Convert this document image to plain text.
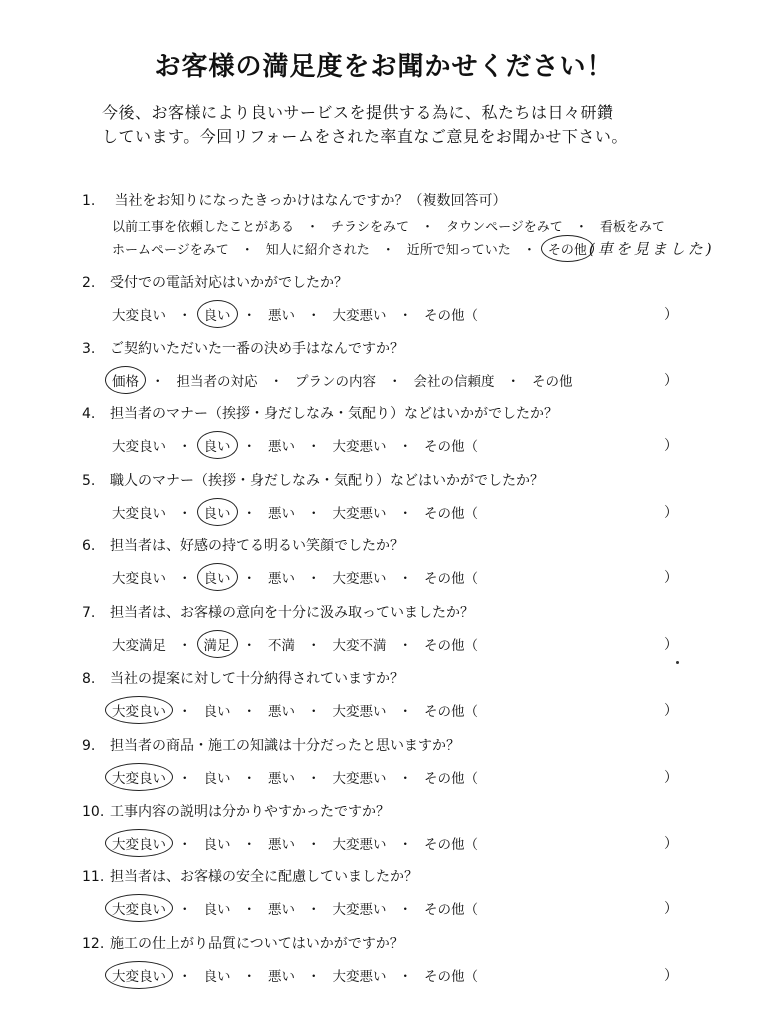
お客様の満足度をお聞かせください！
今後、お客様により良いサービスを提供する為に、私たちは日々研鑽
しています。今回リフォームをされた率直なご意見をお聞かせ下さい。
1. 当社をお知りになったきっかけはなんですか？（複数回答可）
以前工事を依頼したことがある ・ チラシをみて ・ タウンページをみて ・ 看板をみて
ホームページをみて ・ 知人に紹介された ・ 近所で知っていた ・ その他 (車を見ました)
2. 受付での電話対応はいかがでしたか？
大変良い ・ 良い ・ 悪い ・ 大変悪い ・ その他（	）
3. ご契約いただいた一番の決め手はなんですか？
価格 ・ 担当者の対応 ・ プランの内容 ・ 会社の信頼度 ・ その他	）
4. 担当者のマナー（挨拶・身だしなみ・気配り）などはいかがでしたか？
大変良い ・ 良い ・ 悪い ・ 大変悪い ・ その他（	）
5. 職人のマナー（挨拶・身だしなみ・気配り）などはいかがでしたか？
大変良い ・ 良い ・ 悪い ・ 大変悪い ・ その他（	）
6. 担当者は、好感の持てる明るい笑顔でしたか？
大変良い ・ 良い ・ 悪い ・ 大変悪い ・ その他（	）
7. 担当者は、お客様の意向を十分に汲み取っていましたか？
大変満足 ・ 満足 ・ 不満 ・ 大変不満 ・ その他（	）
8. 当社の提案に対して十分納得されていますか？
大変良い ・ 良い ・ 悪い ・ 大変悪い ・ その他（	）
9. 担当者の商品・施工の知識は十分だったと思いますか？
大変良い ・ 良い ・ 悪い ・ 大変悪い ・ その他（	）
10. 工事内容の説明は分かりやすかったですか？
大変良い ・ 良い ・ 悪い ・ 大変悪い ・ その他（	）
11. 担当者は、お客様の安全に配慮していましたか？
大変良い ・ 良い ・ 悪い ・ 大変悪い ・ その他（	）
12. 施工の仕上がり品質についてはいかがですか？
大変良い ・ 良い ・ 悪い ・ 大変悪い ・ その他（	）
